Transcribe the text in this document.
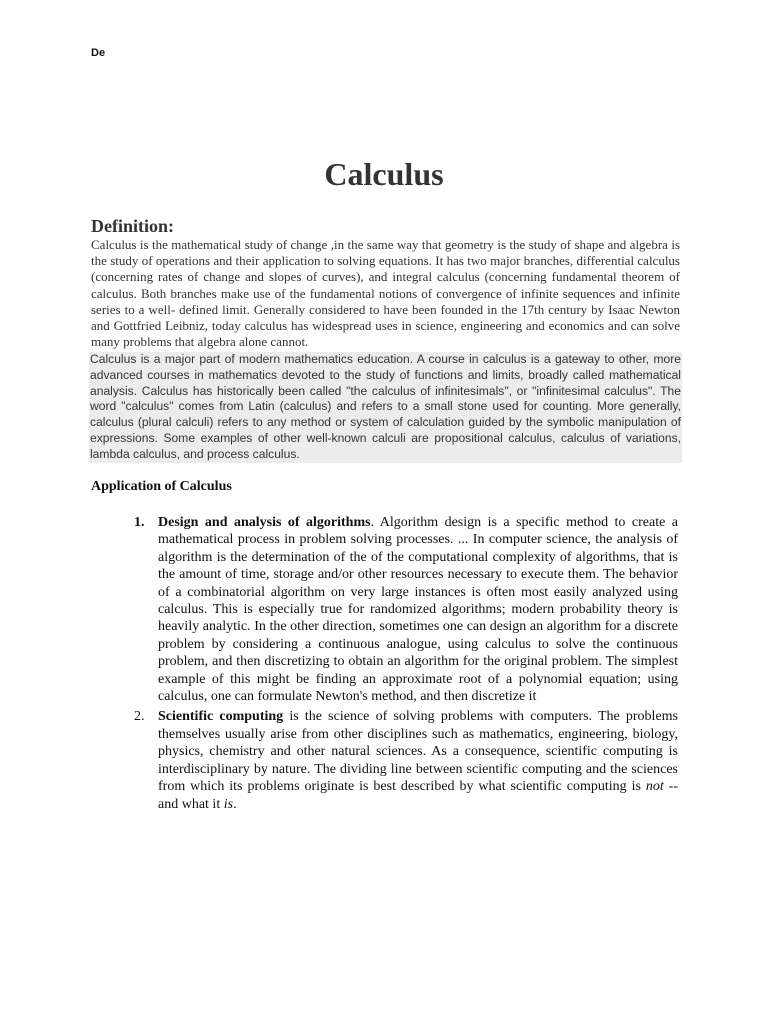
De
Calculus
Definition:

Calculus is the mathematical study of change ,in the same way that geometry is the study of shape and algebra is the study of operations and their application to solving equations. It has two major branches, differential calculus (concerning rates of change and slopes of curves), and integral calculus (concerning fundamental theorem of calculus. Both branches make use of the fundamental notions of convergence of infinite sequences and infinite series to a well- defined limit. Generally considered to have been founded in the 17th century by Isaac Newton and Gottfried Leibniz, today calculus has widespread uses in science, engineering and economics and can solve many problems that algebra alone cannot.

Calculus is a major part of modern mathematics education. A course in calculus is a gateway to other, more advanced courses in mathematics devoted to the study of functions and limits, broadly called mathematical analysis. Calculus has historically been called "the calculus of infinitesimals", or "infinitesimal calculus". The word "calculus" comes from Latin (calculus) and refers to a small stone used for counting. More generally, calculus (plural calculi) refers to any method or system of calculation guided by the symbolic manipulation of expressions. Some examples of other well-known calculi are propositional calculus, calculus of variations, lambda calculus, and process calculus.

Application of Calculus
1. Design and analysis of algorithms. Algorithm design is a specific method to create a mathematical process in problem solving processes. ... In computer science, the analysis of algorithm is the determination of the of the computational complexity of algorithms, that is the amount of time, storage and/or other resources necessary to execute them. The behavior of a combinatorial algorithm on very large instances is often most easily analyzed using calculus. This is especially true for randomized algorithms; modern probability theory is heavily analytic. In the other direction, sometimes one can design an algorithm for a discrete problem by considering a continuous analogue, using calculus to solve the continuous problem, and then discretizing to obtain an algorithm for the original problem. The simplest example of this might be finding an approximate root of a polynomial equation; using calculus, one can formulate Newton's method, and then discretize it
2. Scientific computing is the science of solving problems with computers. The problems themselves usually arise from other disciplines such as mathematics, engineering, biology, physics, chemistry and other natural sciences. As a consequence, scientific computing is interdisciplinary by nature. The dividing line between scientific computing and the sciences from which its problems originate is best described by what scientific computing is not -- and what it is.
